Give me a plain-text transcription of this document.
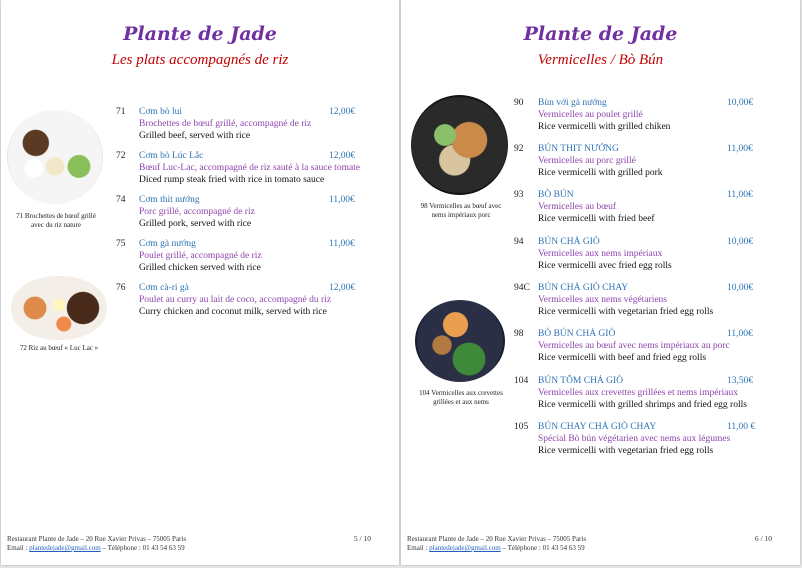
Plante de Jade
Les plats accompagnés de riz
71 Brochettes de bœuf grillé avec du riz nature
72 Riz au bœuf « Luc Lac »
71 Cơm bò lui	12,00€
Brochettes de bœuf grillé, accompagné de riz
Grilled beef, served with rice
72 Cơm bò Lúc Lắc	12,00€
Bœuf Luc-Lac, accompagné de riz sauté à la sauce tomate
Diced rump steak fried with rice in tomato sauce
74 Cơm thit nướng	11,00€
Porc grillé, accompagné de riz
Grilled pork, served with rice
75 Cơm gà nướng	11,00€
Poulet grillé, accompagné de riz
Grilled chicken served with rice
76 Cơm cà-ri gà	12,00€
Poulet au curry au lait de coco, accompagné du riz
Curry chicken and coconut milk, served with rice
Restaurant Plante de Jade – 20 Rue Xavier Privas – 75005 Paris
Email : plantedejade@gmail.com – Téléphone : 01 43 54 63 59
5 / 10
Plante de Jade
Vermicelles / Bò Bún
98 Vermicelles au bœuf avec nems impériaux porc
104 Vermicelles aux crevettes grillées et aux nems
90 Bùn với gà nướng	10,00€
Vermicelles au poulet grillé
Rice vermicelli with grilled chiken
92 BÚN THIT NƯỚNG	11,00€
Vermicelles au porc grillé
Rice vermicelli with grilled pork
93 BÒ BÚN	11,00€
Vermicelles au bœuf
Rice vermicelli with fried beef
94 BÚN CHẢ GIÒ	10,00€
Vermicelles aux nems impériaux
Rice vermicelli avec fried egg rolls
94C BÚN CHẢ GIÒ CHAY	10,00€
Vermicelles aux nems végétariens
Rice vermicelli with vegetarian fried egg rolls
98 BÒ BÚN CHẢ GIÒ	11,00€
Vermicelles au bœuf avec nems impériaux au porc
Rice vermicelli with beef and fried egg rolls
104 BÚN TÔM CHẢ GIÒ	13,50€
Vermicelles aux crevettes grillées et nems impériaux
Rice vermicelli with grilled shrimps and fried egg rolls
105 BÚN CHAY CHẢ GIÒ CHAY	11,00 €
Spécial Bò bún végétarien avec nems aux légumes
Rice vermicelli with vegetarian fried egg rolls
Restaurant Plante de Jade – 20 Rue Xavier Privas – 75005 Paris
Email : plantedejade@gmail.com – Téléphone : 01 43 54 63 59
6 / 10
